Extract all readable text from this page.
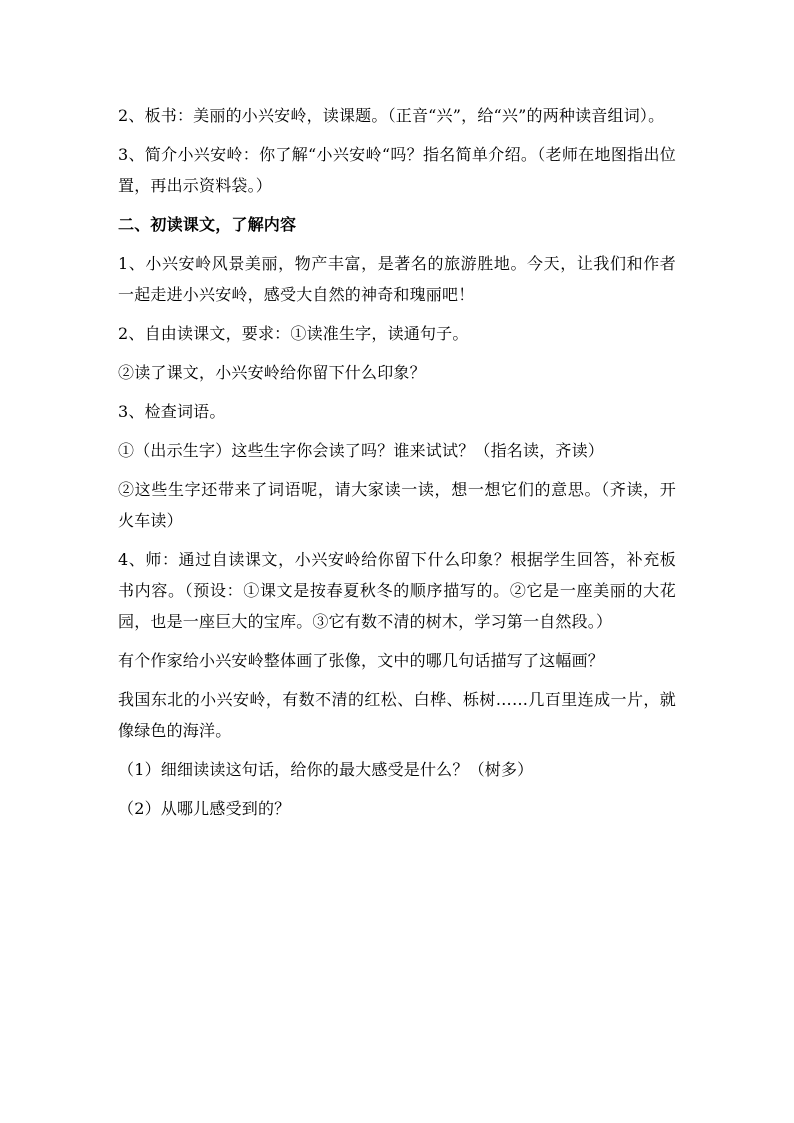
2、板书：美丽的小兴安岭，读课题。（正音“兴”，给“兴”的两种读音组词）。

3、简介小兴安岭：你了解“小兴安岭“吗？指名简单介绍。（老师在地图指出位置，再出示资料袋。）

二、初读课文，了解内容

1、小兴安岭风景美丽，物产丰富，是著名的旅游胜地。今天，让我们和作者一起走进小兴安岭，感受大自然的神奇和瑰丽吧！

2、自由读课文，要求：①读准生字，读通句子。

②读了课文，小兴安岭给你留下什么印象？

3、检查词语。

①（出示生字）这些生字你会读了吗？谁来试试？（指名读，齐读）

②这些生字还带来了词语呢，请大家读一读，想一想它们的意思。（齐读，开火车读）

4、师：通过自读课文，小兴安岭给你留下什么印象？根据学生回答，补充板书内容。（预设：①课文是按春夏秋冬的顺序描写的。②它是一座美丽的大花园，也是一座巨大的宝库。③它有数不清的树木，学习第一自然段。）

有个作家给小兴安岭整体画了张像，文中的哪几句话描写了这幅画？

我国东北的小兴安岭，有数不清的红松、白桦、栎树……几百里连成一片，就像绿色的海洋。

（1）细细读读这句话，给你的最大感受是什么？（树多）

（2）从哪儿感受到的？
